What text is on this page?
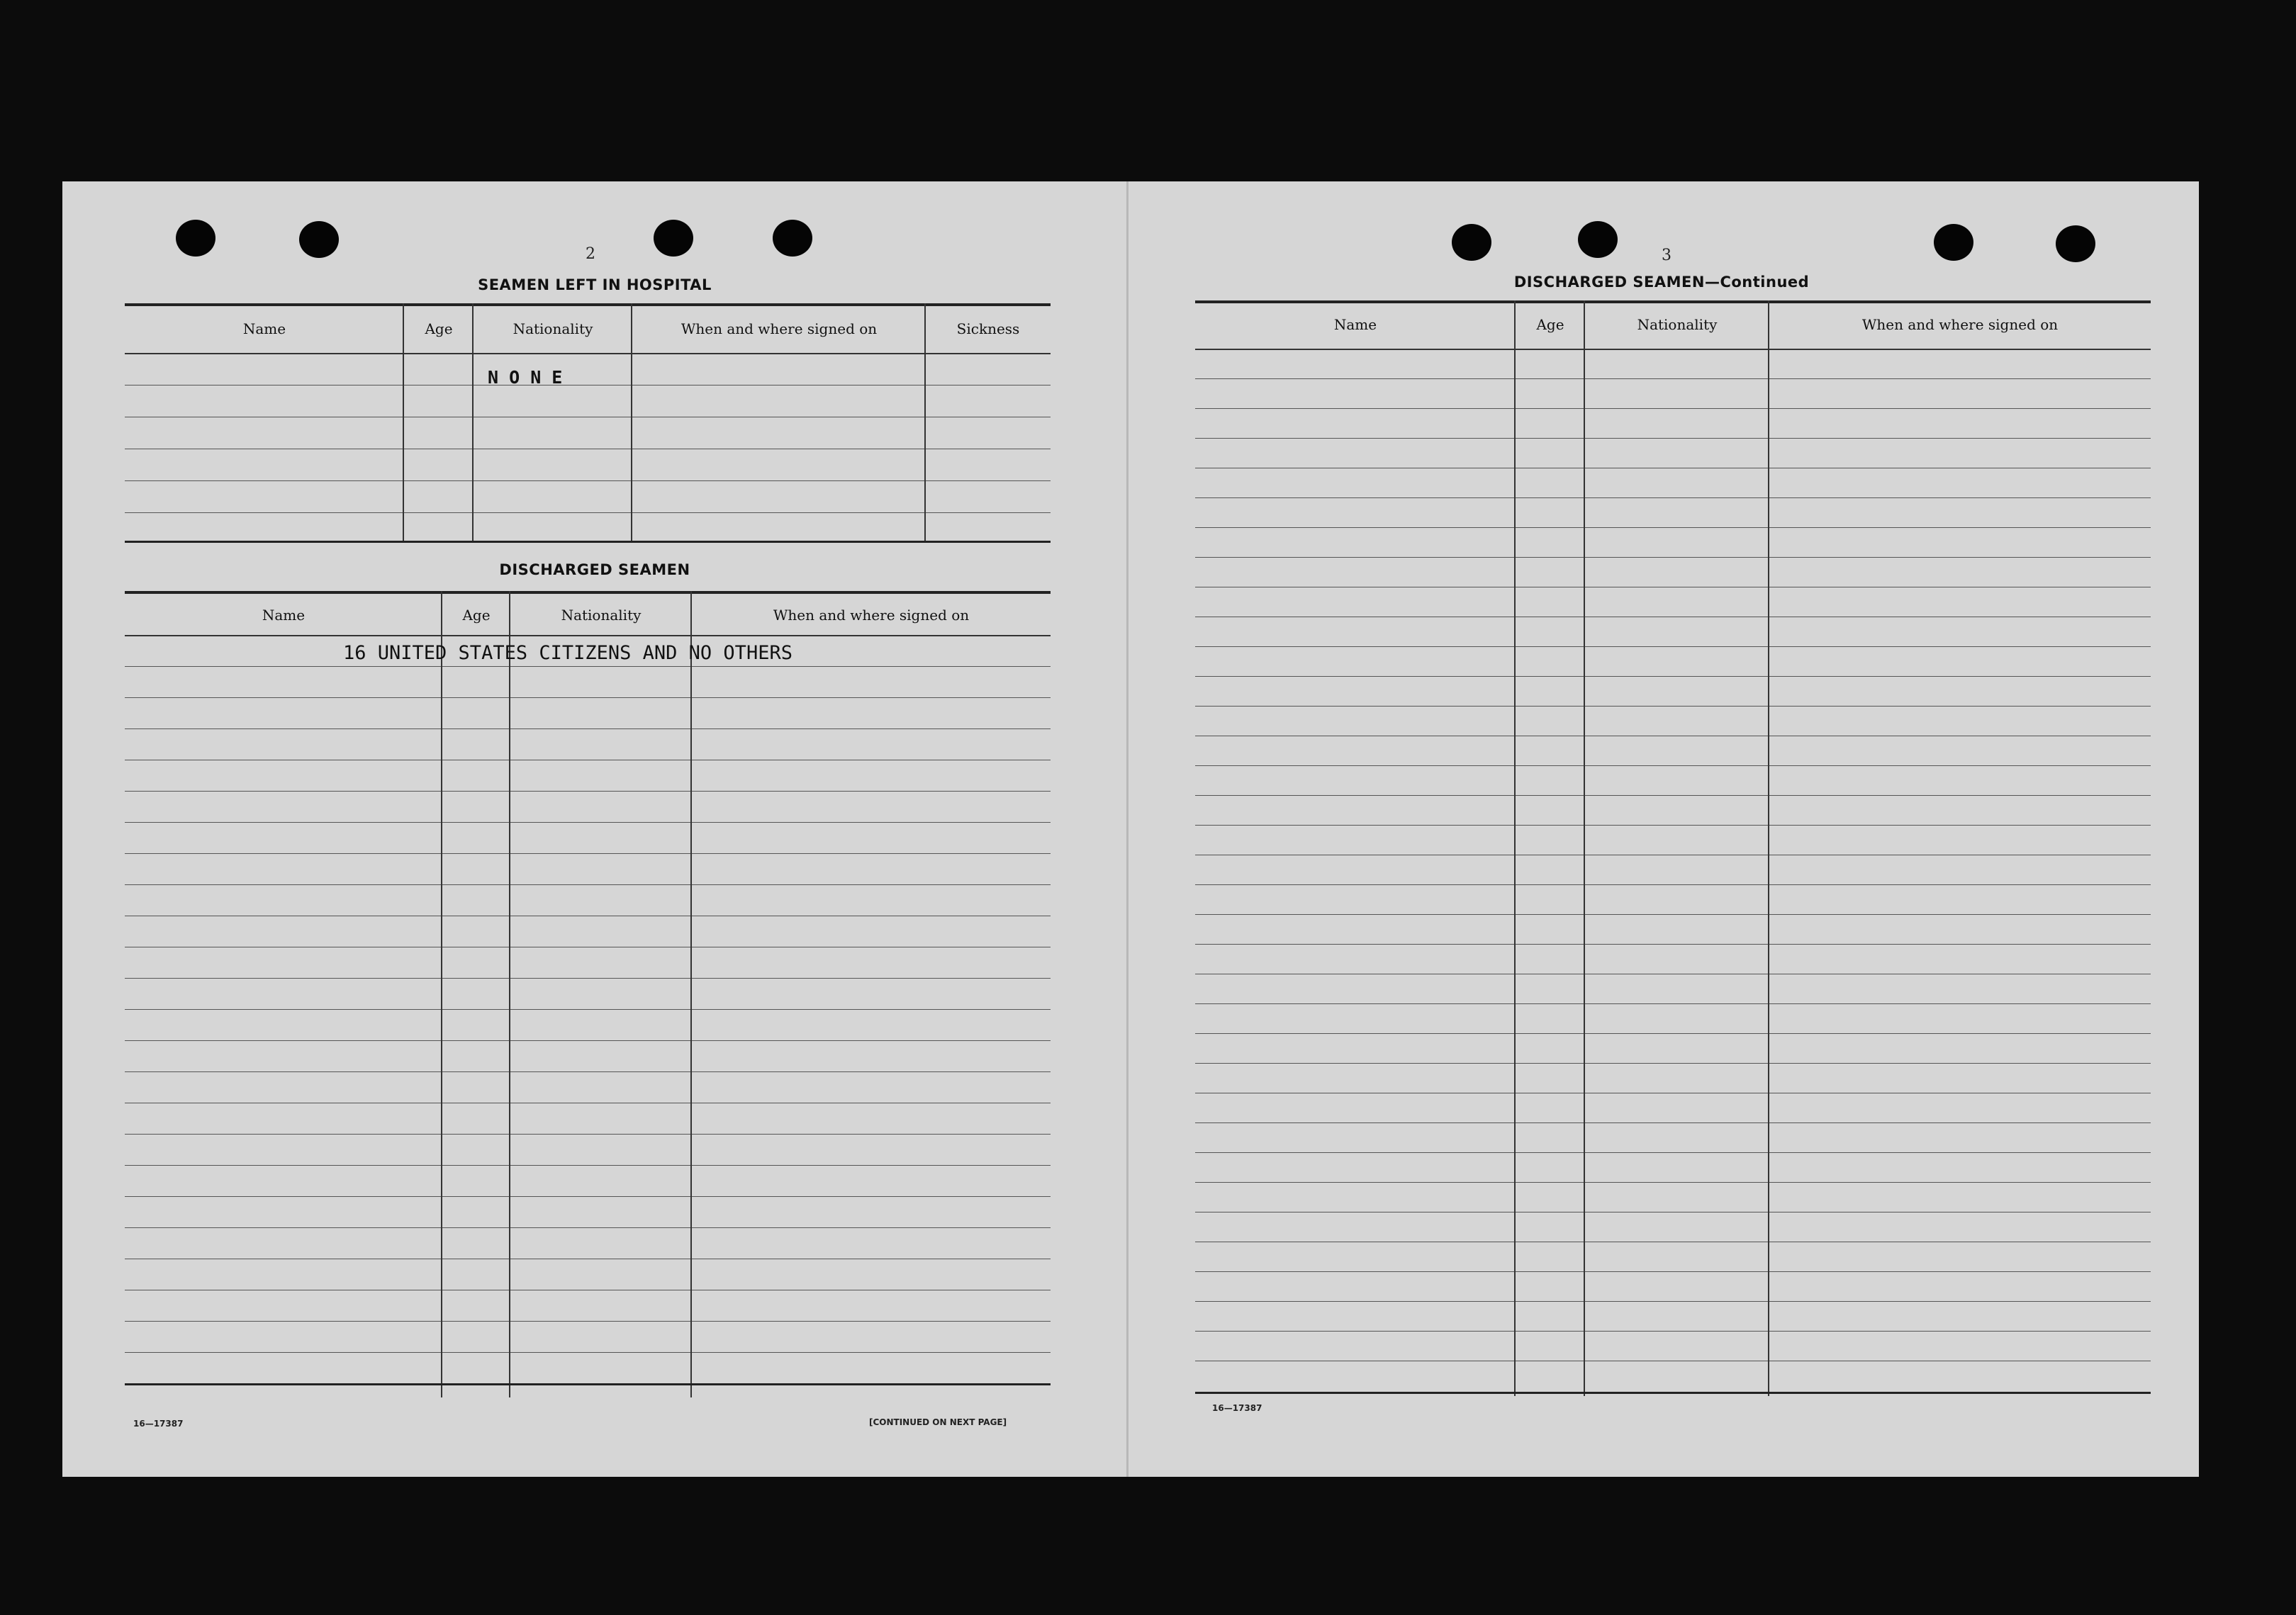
2
SEAMEN LEFT IN HOSPITAL
Name	Age	Nationality	When and where signed on	Sickness
N O N E
DISCHARGED SEAMEN
Name	Age	Nationality	When and where signed on
16 UNITED STATES CITIZENS AND NO OTHERS
16—17387	[CONTINUED ON NEXT PAGE]
3
DISCHARGED SEAMEN—Continued
Name	Age	Nationality	When and where signed on
16—17387
